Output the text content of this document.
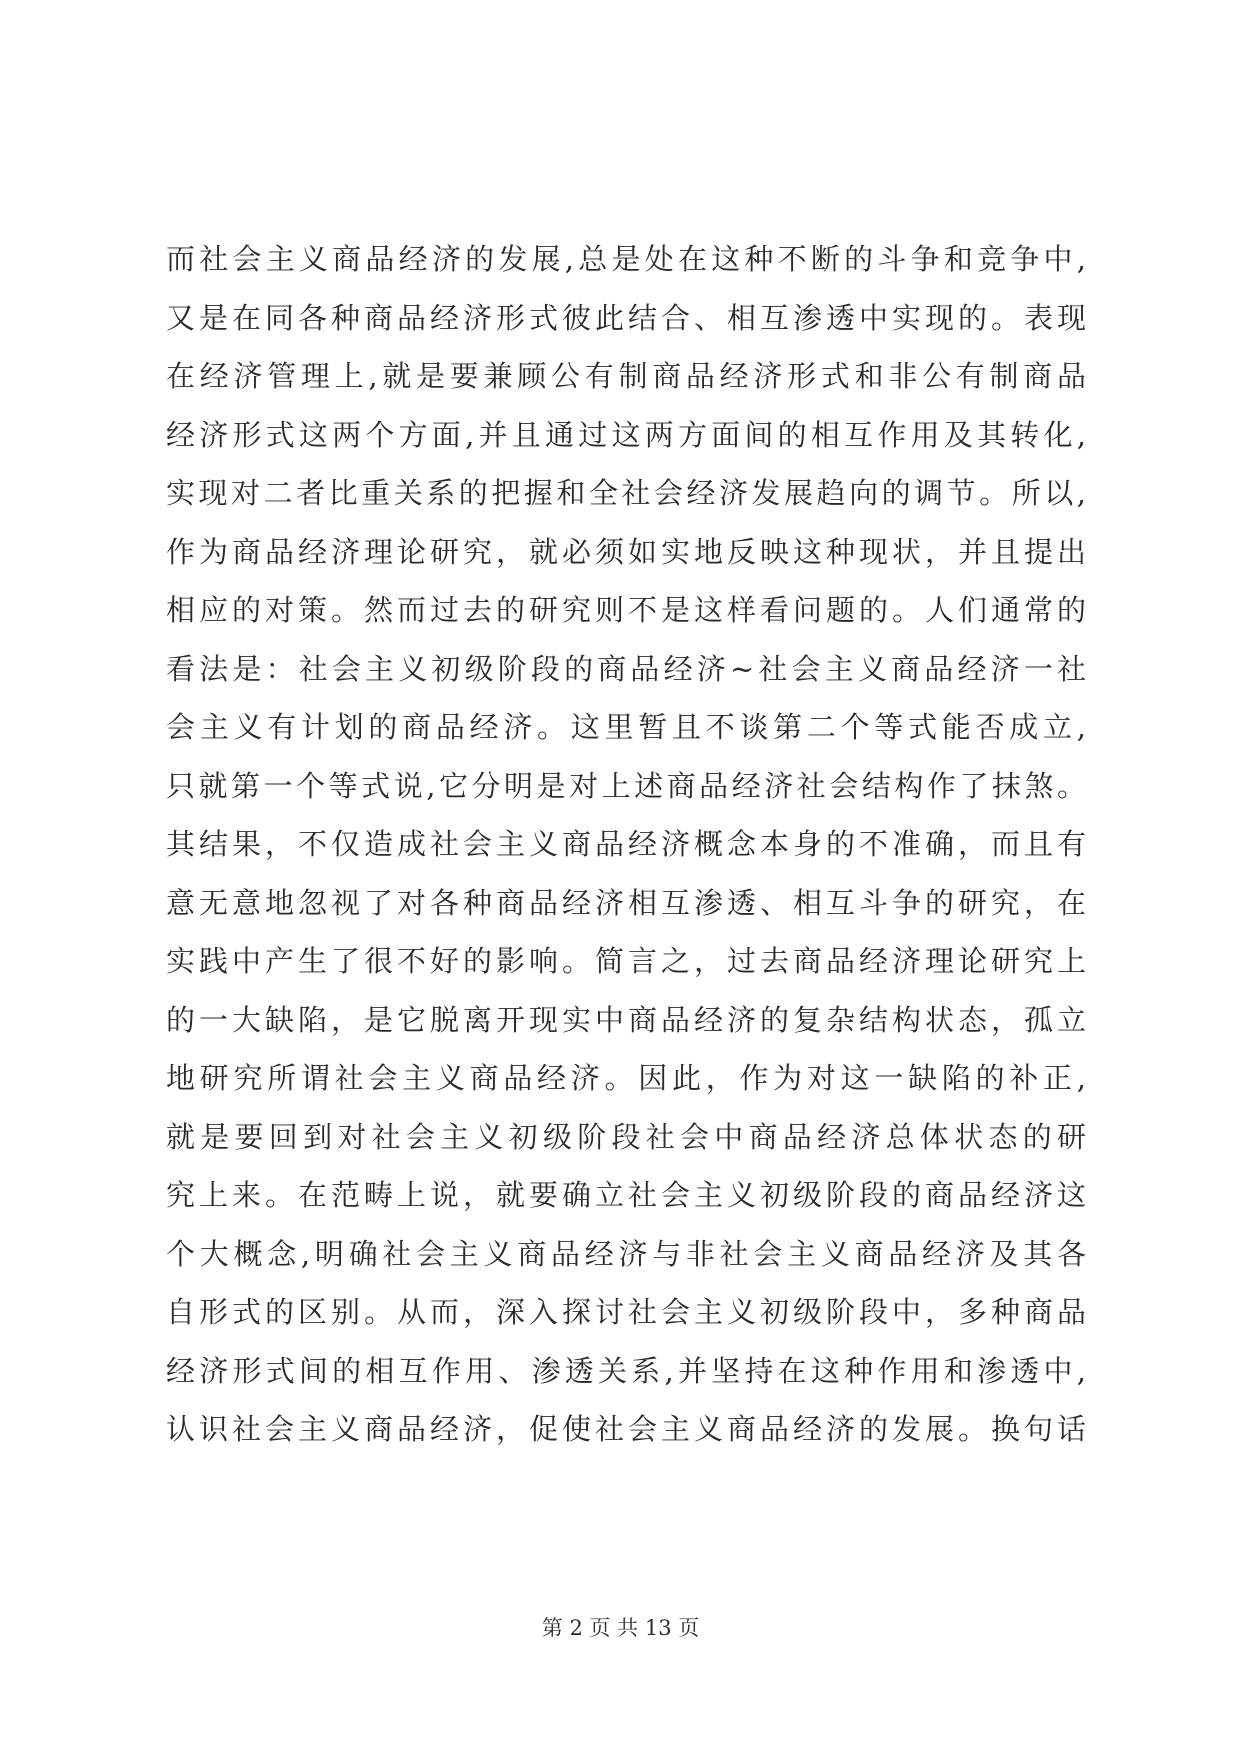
而社会主义商品经济的发展,总是处在这种不断的斗争和竞争中,
又是在同各种商品经济形式彼此结合、相互渗透中实现的。表现
在经济管理上,就是要兼顾公有制商品经济形式和非公有制商品
经济形式这两个方面,并且通过这两方面间的相互作用及其转化,
实现对二者比重关系的把握和全社会经济发展趋向的调节。所以,
作为商品经济理论研究，就必须如实地反映这种现状，并且提出
相应的对策。然而过去的研究则不是这样看问题的。人们通常的
看法是：社会主义初级阶段的商品经济~社会主义商品经济一社
会主义有计划的商品经济。这里暂且不谈第二个等式能否成立,
只就第一个等式说,它分明是对上述商品经济社会结构作了抹煞。
其结果，不仅造成社会主义商品经济概念本身的不准确，而且有
意无意地忽视了对各种商品经济相互渗透、相互斗争的研究，在
实践中产生了很不好的影响。简言之，过去商品经济理论研究上
的一大缺陷，是它脱离开现实中商品经济的复杂结构状态，孤立
地研究所谓社会主义商品经济。因此，作为对这一缺陷的补正,
就是要回到对社会主义初级阶段社会中商品经济总体状态的研
究上来。在范畴上说，就要确立社会主义初级阶段的商品经济这
个大概念,明确社会主义商品经济与非社会主义商品经济及其各
自形式的区别。从而，深入探讨社会主义初级阶段中，多种商品
经济形式间的相互作用、渗透关系,并坚持在这种作用和渗透中,
认识社会主义商品经济，促使社会主义商品经济的发展。换句话
第 2 页 共 13 页
